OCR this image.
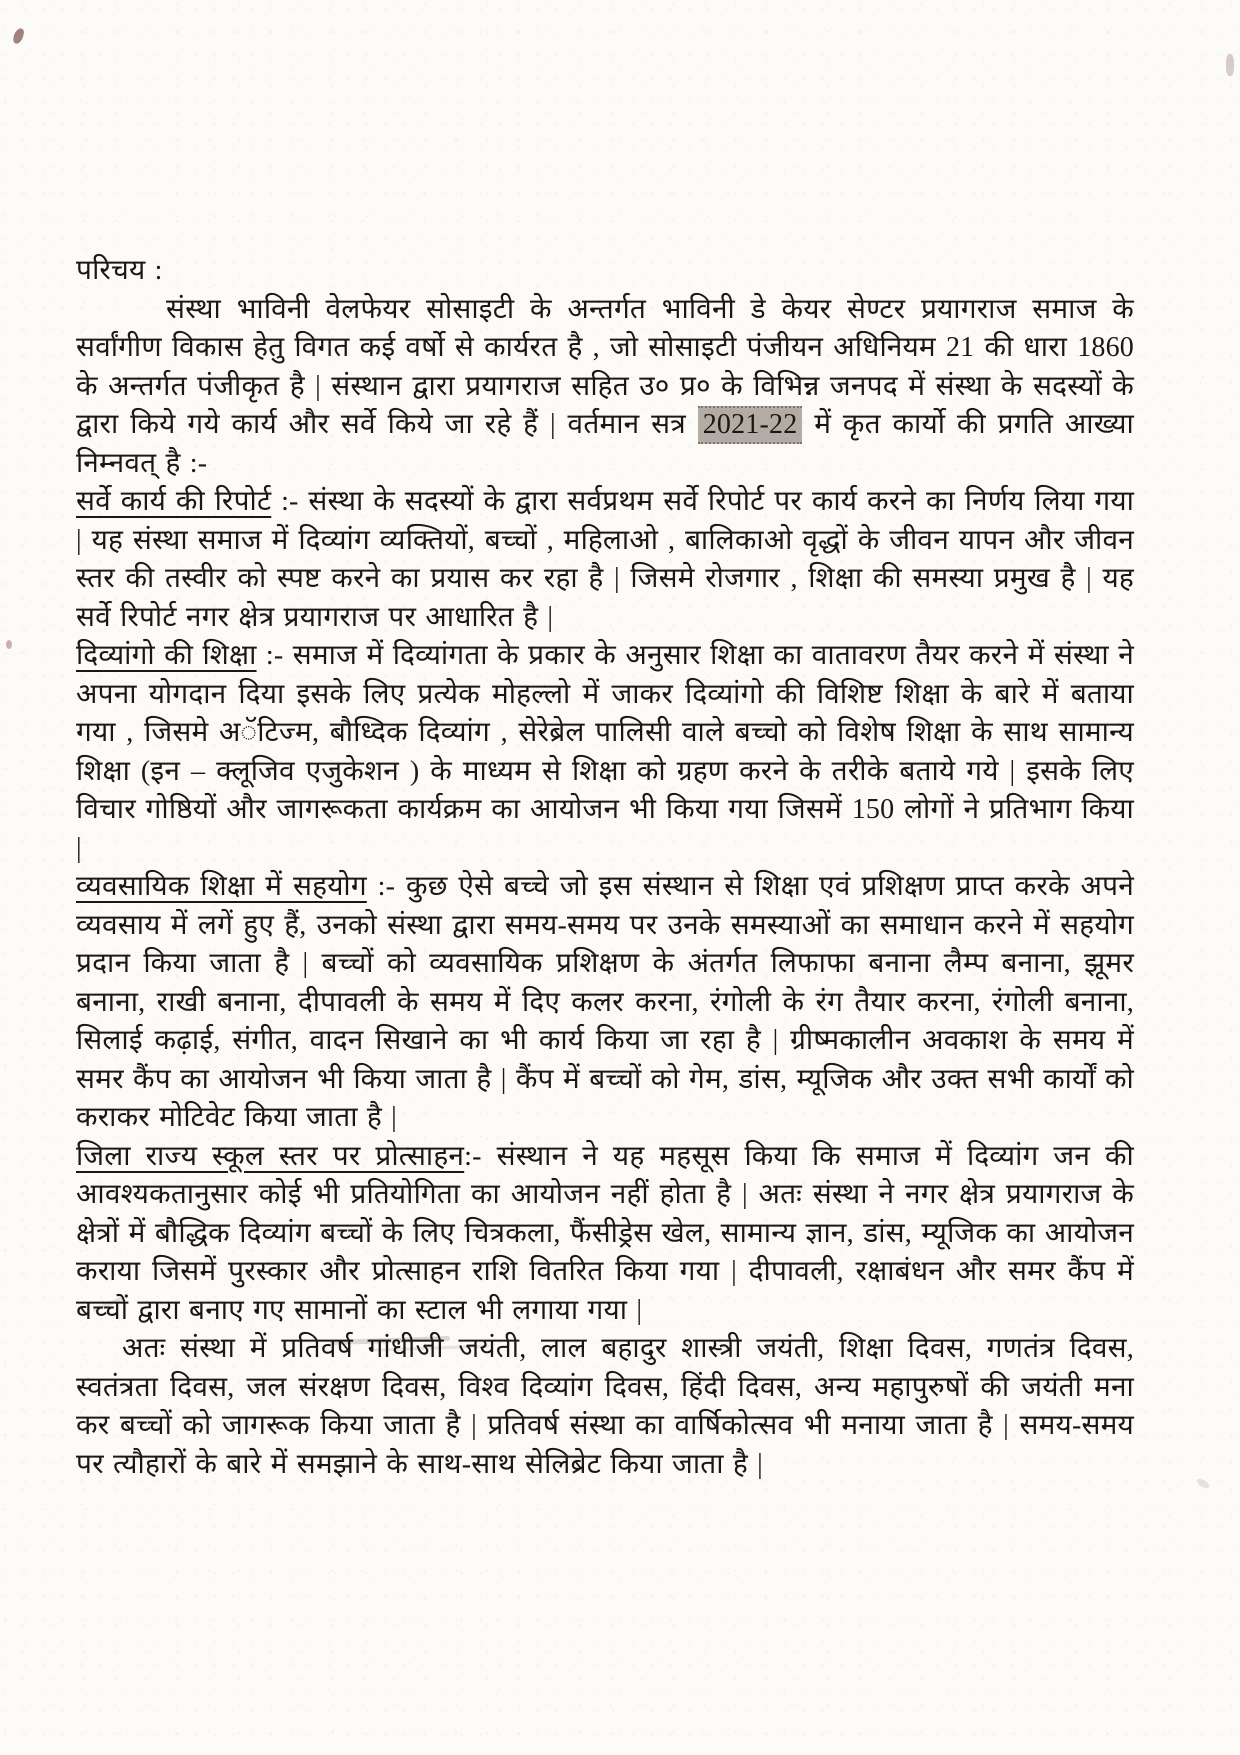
परिचय :

संस्था भाविनी वेलफेयर सोसाइटी के अन्तर्गत भाविनी डे केयर सेण्टर प्रयागराज समाज के सर्वांगीण विकास हेतु विगत कई वर्षो से कार्यरत है , जो सोसाइटी पंजीयन अधिनियम 21 की धारा 1860 के अन्तर्गत पंजीकृत है | संस्थान द्वारा प्रयागराज सहित उ० प्र० के विभिन्न जनपद में संस्था के सदस्यों के द्वारा किये गये कार्य और सर्वे किये जा रहे हैं | वर्तमान सत्र 2021-22 में कृत कार्यो की प्रगति आख्या निम्नवत् है :-

सर्वे कार्य की रिपोर्ट :- संस्था के सदस्यों के द्वारा सर्वप्रथम सर्वे रिपोर्ट पर कार्य करने का निर्णय लिया गया | यह संस्था समाज में दिव्यांग व्यक्तियों, बच्चों , महिलाओ , बालिकाओ वृद्धों के जीवन यापन और जीवन स्तर की तस्वीर को स्पष्ट करने का प्रयास कर रहा है | जिसमे रोजगार , शिक्षा की समस्या प्रमुख है | यह सर्वे रिपोर्ट नगर क्षेत्र प्रयागराज पर आधारित है |

दिव्यांगो की शिक्षा :- समाज में दिव्यांगता के प्रकार के अनुसार शिक्षा का वातावरण तैयर करने में संस्था ने अपना योगदान दिया इसके लिए प्रत्येक मोहल्लो में जाकर दिव्यांगो की विशिष्ट शिक्षा के बारे में बताया गया , जिसमे अॅटिज्म, बौध्दिक दिव्यांग , सेरेब्रेल पालिसी वाले बच्चो को विशेष शिक्षा के साथ सामान्य शिक्षा (इन – क्लूजिव एजुकेशन ) के माध्यम से शिक्षा को ग्रहण करने के तरीके बताये गये | इसके लिए विचार गोष्ठियों और जागरूकता कार्यक्रम का आयोजन भी किया गया जिसमें 150 लोगों ने प्रतिभाग किया |

व्यवसायिक शिक्षा में सहयोग :- कुछ ऐसे बच्चे जो इस संस्थान से शिक्षा एवं प्रशिक्षण प्राप्त करके अपने व्यवसाय में लगें हुए हैं, उनको संस्था द्वारा समय-समय पर उनके समस्याओं का समाधान करने में सहयोग प्रदान किया जाता है | बच्चों को व्यवसायिक प्रशिक्षण के अंतर्गत लिफाफा बनाना लैम्प बनाना, झूमर बनाना, राखी बनाना, दीपावली के समय में दिए कलर करना, रंगोली के रंग तैयार करना, रंगोली बनाना, सिलाई कढ़ाई, संगीत, वादन सिखाने का भी कार्य किया जा रहा है | ग्रीष्मकालीन अवकाश के समय में समर कैंप का आयोजन भी किया जाता है | कैंप में बच्चों को गेम, डांस, म्यूजिक और उक्त सभी कार्यों को कराकर मोटिवेट किया जाता है |

जिला राज्य स्कूल स्तर पर प्रोत्साहन:- संस्थान ने यह महसूस किया कि समाज में दिव्यांग जन की आवश्यकतानुसार कोई भी प्रतियोगिता का आयोजन नहीं होता है | अतः संस्था ने नगर क्षेत्र प्रयागराज के क्षेत्रों में बौद्धिक दिव्यांग बच्चों के लिए चित्रकला, फैंसीड्रेस खेल, सामान्य ज्ञान, डांस, म्यूजिक का आयोजन कराया जिसमें पुरस्कार और प्रोत्साहन राशि वितरित किया गया | दीपावली, रक्षाबंधन और समर कैंप में बच्चों द्वारा बनाए गए सामानों का स्टाल भी लगाया गया |

अतः संस्था में प्रतिवर्ष गांधीजी जयंती, लाल बहादुर शास्त्री जयंती, शिक्षा दिवस, गणतंत्र दिवस, स्वतंत्रता दिवस, जल संरक्षण दिवस, विश्व दिव्यांग दिवस, हिंदी दिवस, अन्य महापुरुषों की जयंती मना कर बच्चों को जागरूक किया जाता है | प्रतिवर्ष संस्था का वार्षिकोत्सव भी मनाया जाता है | समय-समय पर त्यौहारों के बारे में समझाने के साथ-साथ सेलिब्रेट किया जाता है |
